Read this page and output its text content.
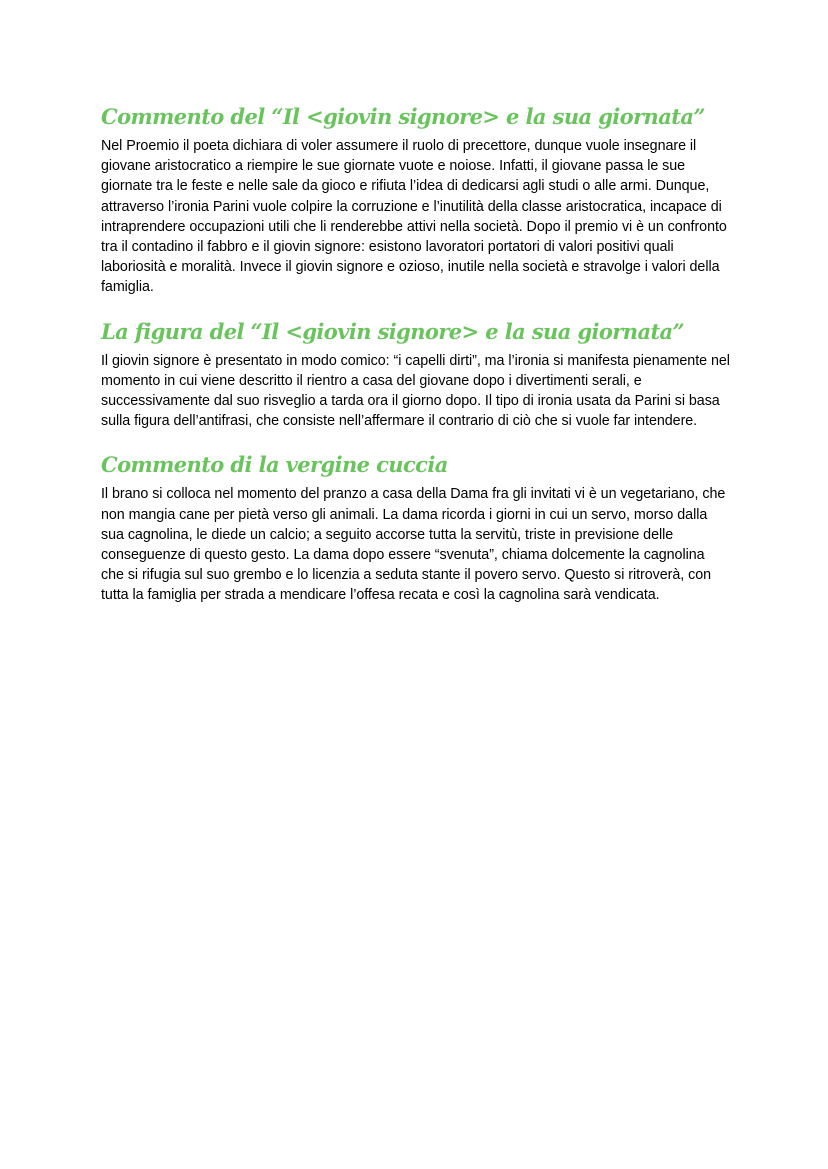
Commento del “Il <giovin signore> e la sua giornata”

Nel Proemio il poeta dichiara di voler assumere il ruolo di precettore, dunque vuole insegnare il giovane aristocratico a riempire le sue giornate vuote e noiose. Infatti, il giovane passa le sue giornate tra le feste e nelle sale da gioco e rifiuta l’idea di dedicarsi agli studi o alle armi. Dunque, attraverso l’ironia Parini vuole colpire la corruzione e l’inutilità della classe aristocratica, incapace di intraprendere occupazioni utili che li renderebbe attivi nella società. Dopo il premio vi è un confronto tra il contadino il fabbro e il giovin signore: esistono lavoratori portatori di valori positivi quali laboriosità e moralità. Invece il giovin signore e ozioso, inutile nella società e stravolge i valori della famiglia.

La figura del “Il <giovin signore> e la sua giornata”

Il giovin signore è presentato in modo comico: “i capelli dirti”, ma l’ironia si manifesta pienamente nel momento in cui viene descritto il rientro a casa del giovane dopo i divertimenti serali, e successivamente dal suo risveglio a tarda ora il giorno dopo. Il tipo di ironia usata da Parini si basa sulla figura dell’antifrasi, che consiste nell’affermare il contrario di ciò che si vuole far intendere.

Commento di la vergine cuccia

Il brano si colloca nel momento del pranzo a casa della Dama fra gli invitati vi è un vegetariano, che non mangia cane per pietà verso gli animali. La dama ricorda i giorni in cui un servo, morso dalla sua cagnolina, le diede un calcio; a seguito accorse tutta la servitù, triste in previsione delle conseguenze di questo gesto. La dama dopo essere “svenuta”, chiama dolcemente la cagnolina che si rifugia sul suo grembo e lo licenzia a seduta stante il povero servo. Questo si ritroverà, con tutta la famiglia per strada a mendicare l’offesa recata e così la cagnolina sarà vendicata.
